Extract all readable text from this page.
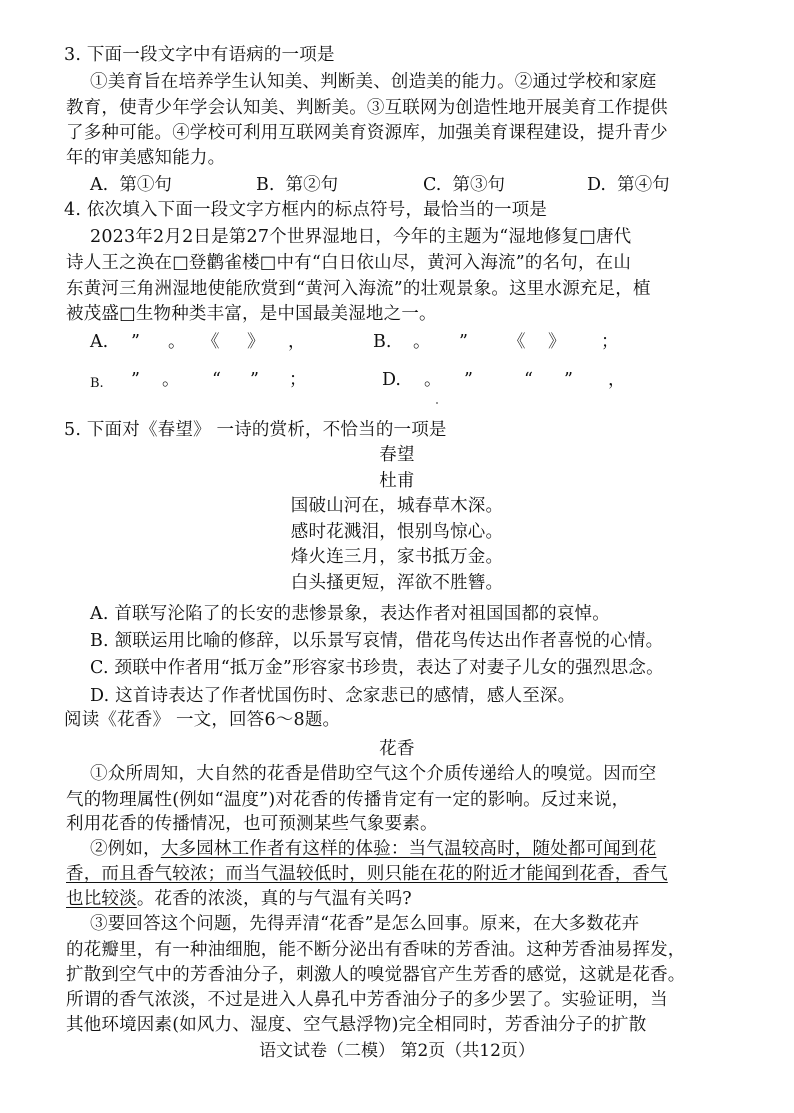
3. 下面一段文字中有语病的一项是
①美育旨在培养学生认知美、判断美、创造美的能力。②通过学校和家庭
教育，使青少年学会认知美、判断美。③互联网为创造性地开展美育工作提供
了多种可能。④学校可利用互联网美育资源库，加强美育课程建设，提升青少
年的审美感知能力。
A. 第①句	B. 第②句	C. 第③句	D. 第④句
4. 依次填入下面一段文字方框内的标点符号，最恰当的一项是
2023年2月2日是第27个世界湿地日，今年的主题为“湿地修复□唐代
诗人王之涣在□登鹳雀楼□中有“白日依山尽，黄河入海流”的名句，在山
东黄河三角洲湿地使能欣赏到“黄河入海流”的壮观景象。这里水源充足，植
被茂盛□生物种类丰富，是中国最美湿地之一。
A. ” 。 《 》 ，	B. 。 ” 《 》 ；
B. ” 。 “ ” ；	D. 。 ”	“ ” ，
5. 下面对《春望》 一诗的赏析，不恰当的一项是
春望
杜甫
国破山河在，城春草木深。
感时花溅泪，恨别鸟惊心。
烽火连三月，家书抵万金。
白头搔更短，浑欲不胜簪。
A. 首联写沦陷了的长安的悲惨景象，表达作者对祖国国都的哀悼。
B. 颔联运用比喻的修辞，以乐景写哀情，借花鸟传达出作者喜悦的心情。
C. 颈联中作者用“抵万金”形容家书珍贵，表达了对妻子儿女的强烈思念。
D. 这首诗表达了作者忧国伤时、念家悲已的感情，感人至深。
阅读《花香》 一文，回答6～8题。
花香
①众所周知，大自然的花香是借助空气这个介质传递给人的嗅觉。因而空
气的物理属性(例如“温度”)对花香的传播肯定有一定的影响。反过来说，
利用花香的传播情况，也可预测某些气象要素。
②例如，大多园林工作者有这样的体验：当气温较高时，随处都可闻到花
香，而且香气较浓；而当气温较低时，则只能在花的附近才能闻到花香，香气
也比较淡。花香的浓淡，真的与气温有关吗?
③要回答这个问题，先得弄清“花香”是怎么回事。原来，在大多数花卉
的花瓣里，有一种油细胞，能不断分泌出有香味的芳香油。这种芳香油易挥发，
扩散到空气中的芳香油分子，刺激人的嗅觉器官产生芳香的感觉，这就是花香。
所谓的香气浓淡，不过是进入人鼻孔中芳香油分子的多少罢了。实验证明，当
其他环境因素(如风力、湿度、空气悬浮物)完全相同时，芳香油分子的扩散
语文试卷（二模） 第2页（共12页）
